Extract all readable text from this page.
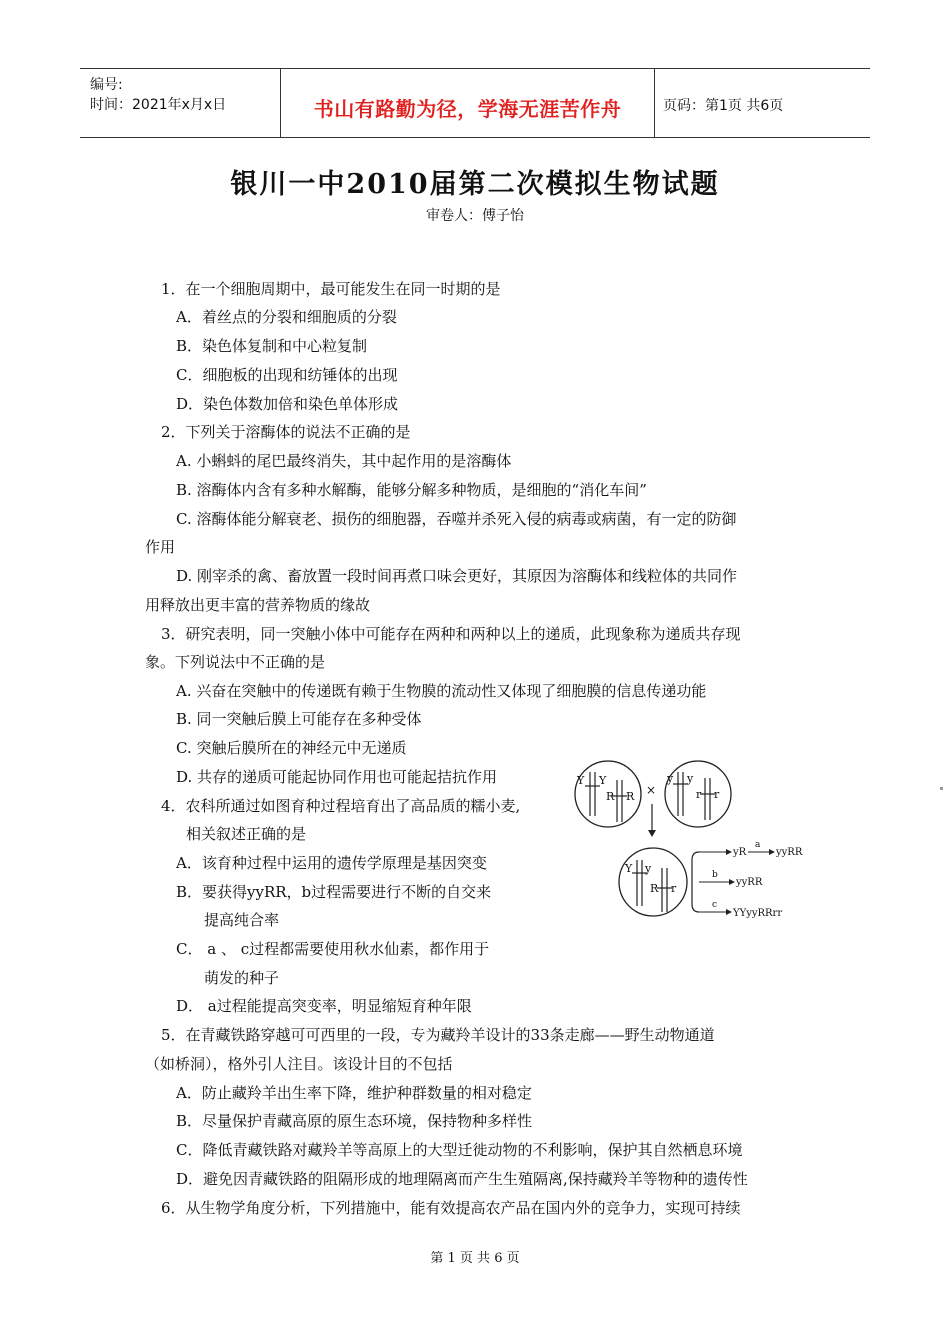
编号:
时间：2021年x月x日	书山有路勤为径，学海无涯苦作舟	页码：第1页 共6页
银川一中2010届第二次模拟生物试题
审卷人：傅子怡
1．在一个细胞周期中，最可能发生在同一时期的是
A．着丝点的分裂和细胞质的分裂
B．染色体复制和中心粒复制
C．细胞板的出现和纺锤体的出现
D．染色体数加倍和染色单体形成
2．下列关于溶酶体的说法不正确的是
A. 小蝌蚪的尾巴最终消失，其中起作用的是溶酶体
B. 溶酶体内含有多种水解酶，能够分解多种物质，是细胞的“消化车间”
C. 溶酶体能分解衰老、损伤的细胞器，吞噬并杀死入侵的病毒或病菌，有一定的防御
作用
D. 刚宰杀的禽、畜放置一段时间再煮口味会更好，其原因为溶酶体和线粒体的共同作
用释放出更丰富的营养物质的缘故
3．研究表明，同一突触小体中可能存在两种和两种以上的递质，此现象称为递质共存现
象。下列说法中不正确的是
A. 兴奋在突触中的传递既有赖于生物膜的流动性又体现了细胞膜的信息传递功能
B. 同一突触后膜上可能存在多种受体
C. 突触后膜所在的神经元中无递质
D. 共存的递质可能起协同作用也可能起拮抗作用
4．农科所通过如图育种过程培育出了高品质的糯小麦,
相关叙述正确的是
A．该育种过程中运用的遗传学原理是基因突变
B．要获得yyRR，b过程需要进行不断的自交来
提高纯合率
C． a 、 c过程都需要使用秋水仙素，都作用于
萌发的种子
D． a过程能提高突变率，明显缩短育种年限
5．在青藏铁路穿越可可西里的一段，专为藏羚羊设计的33条走廊——野生动物通道
（如桥洞），格外引人注目。该设计目的不包括
A．防止藏羚羊出生率下降，维护种群数量的相对稳定
B．尽量保护青藏高原的原生态环境，保持物种多样性
C．降低青藏铁路对藏羚羊等高原上的大型迁徙动物的不利影响，保护其自然栖息环境
D．避免因青藏铁路的阻隔形成的地理隔离而产生生殖隔离,保持藏羚羊等物种的遗传性
6．从生物学角度分析，下列措施中，能有效提高农产品在国内外的竞争力，实现可持续
Y Y
R R ×
y y
r r
Y y
R r
yR
a
yyRR
b
yyRR
c
YYyyRRrr
第 1 页 共 6 页
